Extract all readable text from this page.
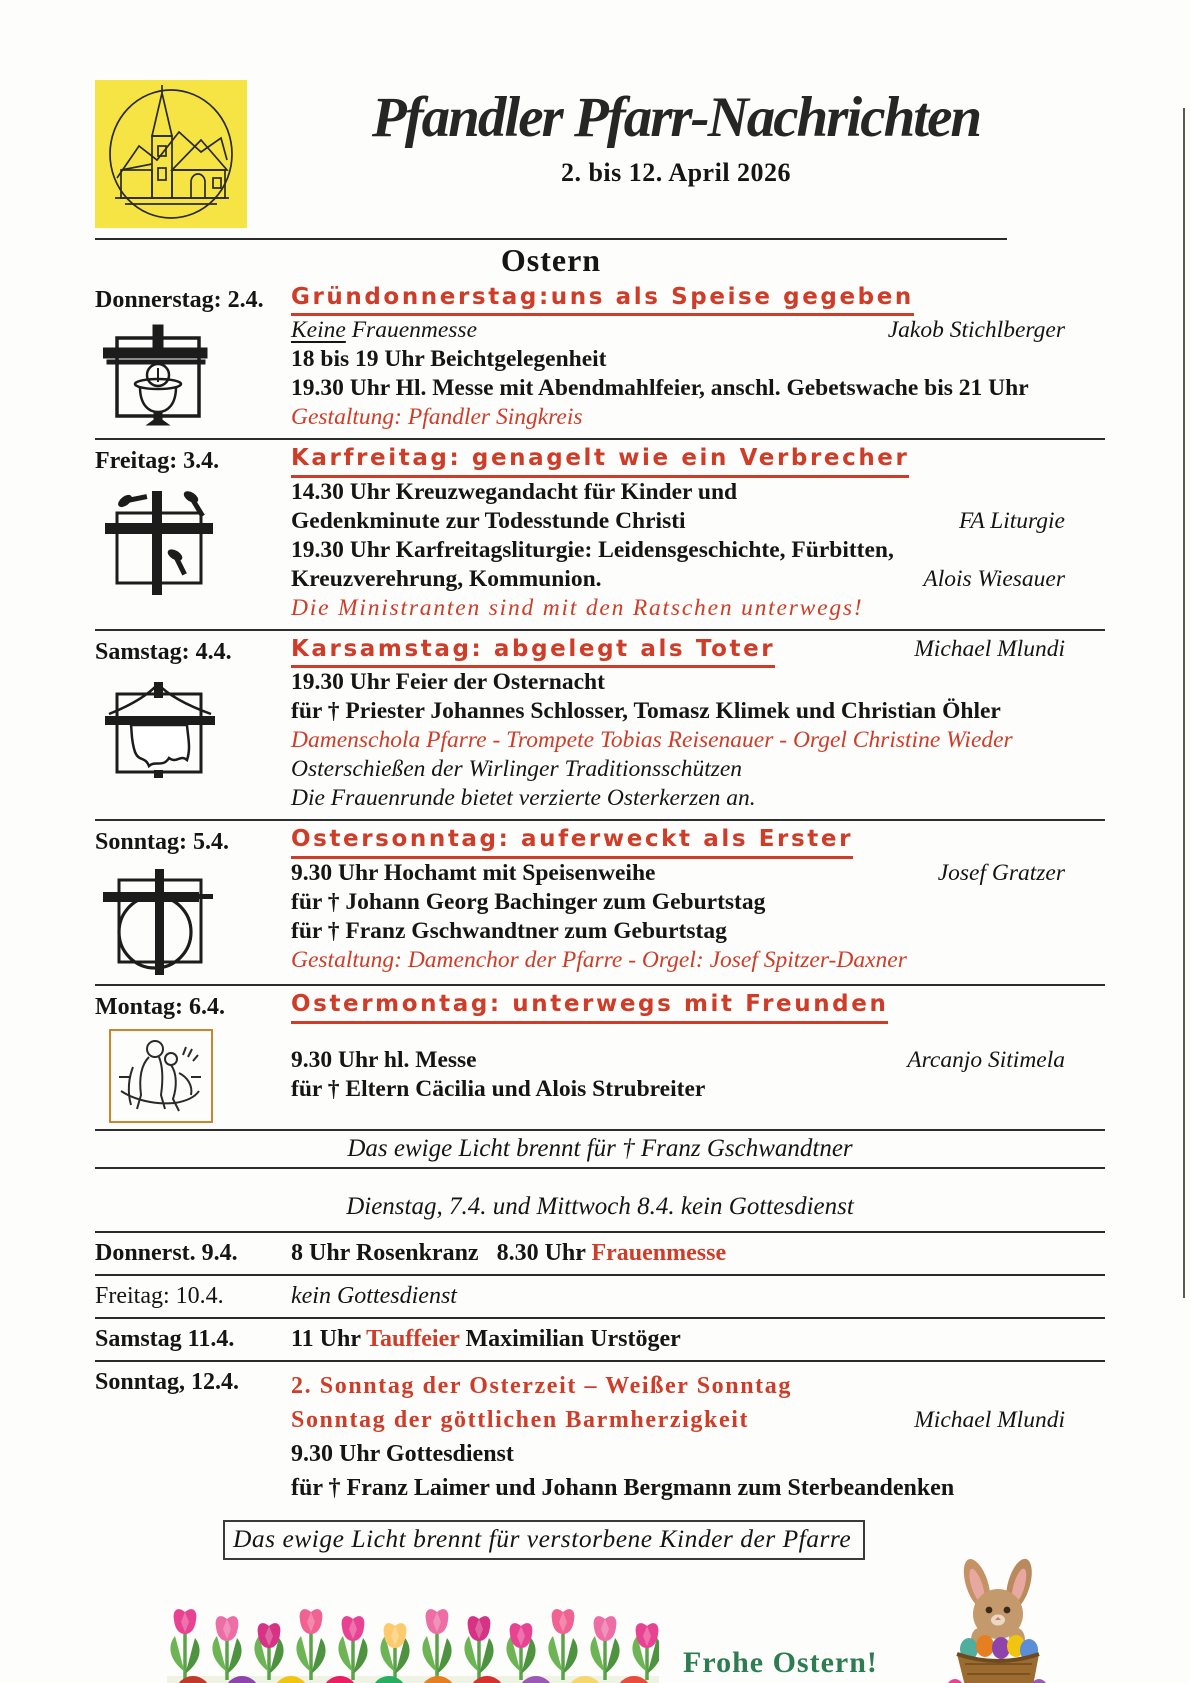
Pfandler Pfarr-Nachrichten
2. bis 12. April 2026
Ostern
Donnerstag: 2.4.	Gründonnerstag:uns als Speise gegeben
Keine Frauenmesse	Jakob Stichlberger
18 bis 19 Uhr Beichtgelegenheit
19.30 Uhr Hl. Messe mit Abendmahlfeier, anschl. Gebetswache bis 21 Uhr
Gestaltung: Pfandler Singkreis
Freitag: 3.4.	Karfreitag: genagelt wie ein Verbrecher
14.30 Uhr Kreuzwegandacht für Kinder und
Gedenkminute zur Todesstunde Christi	FA Liturgie
19.30 Uhr Karfreitagsliturgie: Leidensgeschichte, Fürbitten,
Kreuzverehrung, Kommunion.	Alois Wiesauer
Die Ministranten sind mit den Ratschen unterwegs!
Samstag: 4.4.	Karsamstag: abgelegt als Toter	Michael Mlundi
19.30 Uhr Feier der Osternacht
für † Priester Johannes Schlosser, Tomasz Klimek und Christian Öhler
Damenschola Pfarre - Trompete Tobias Reisenauer - Orgel Christine Wieder
Osterschießen der Wirlinger Traditionsschützen
Die Frauenrunde bietet verzierte Osterkerzen an.
Sonntag: 5.4.	Ostersonntag: auferweckt als Erster
9.30 Uhr Hochamt mit Speisenweihe	Josef Gratzer
für † Johann Georg Bachinger zum Geburtstag
für † Franz Gschwandtner zum Geburtstag
Gestaltung: Damenchor der Pfarre - Orgel: Josef Spitzer-Daxner
Montag: 6.4.	Ostermontag: unterwegs mit Freunden
9.30 Uhr hl. Messe	Arcanjo Sitimela
für † Eltern Cäcilia und Alois Strubreiter
Das ewige Licht brennt für † Franz Gschwandtner
Dienstag, 7.4. und Mittwoch 8.4. kein Gottesdienst
Donnerst. 9.4.	8 Uhr Rosenkranz   8.30 Uhr Frauenmesse
Freitag: 10.4.	kein Gottesdienst
Samstag 11.4.	11 Uhr Tauffeier Maximilian Urstöger
Sonntag, 12.4.	2. Sonntag der Osterzeit – Weißer Sonntag
Sonntag der göttlichen Barmherzigkeit	Michael Mlundi
9.30 Uhr Gottesdienst
für † Franz Laimer und Johann Bergmann zum Sterbeandenken
Das ewige Licht brennt für verstorbene Kinder der Pfarre
Frohe Ostern!
